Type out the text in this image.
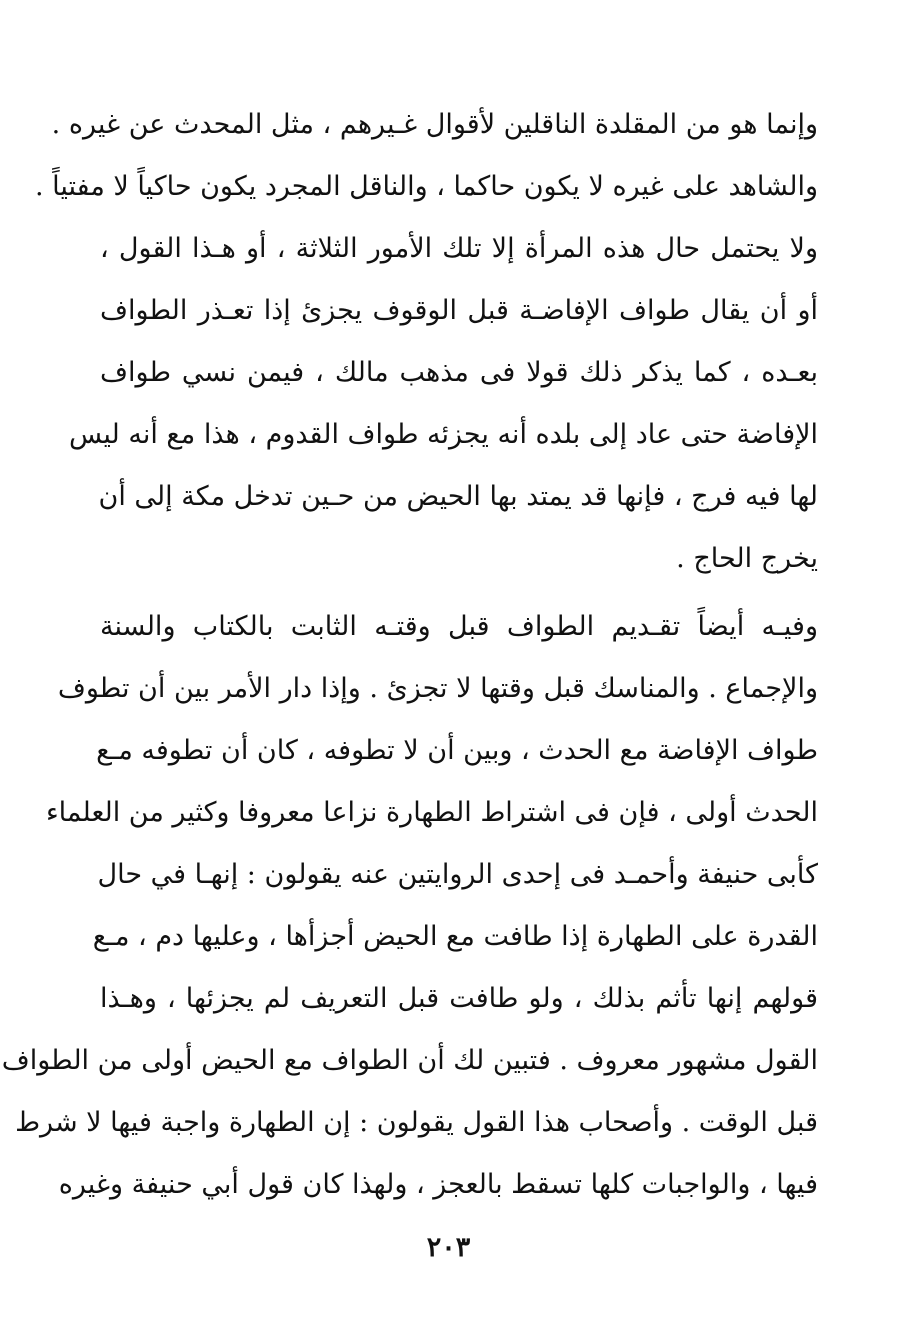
وإنما هو من المقلدة الناقلين لأقوال غـيرهم ، مثل المحدث عن غيره .
والشاهد على غيره لا يكون حاكما ، والناقل المجرد يكون حاكياً لا مفتياً .
ولا يحتمل حال هذه المرأة إلا تلك الأمور الثلاثة ، أو هـذا القول ،
أو أن يقال طواف الإفاضـة قبل الوقوف يجزئ إذا تعـذر الطواف
بعـده ، كما يذكر ذلك قولا فى مذهب مالك ، فيمن نسي طواف
الإفاضة حتى عاد إلى بلده أنه يجزئه طواف القدوم ، هذا مع أنه ليس
لها فيه فرج ، فإنها قد يمتد بها الحيض من حـين تدخل مكة إلى أن
يخرج الحاج .
وفيـه أيضاً تقـديم الطواف قبل وقتـه الثابت بالكتاب والسنة
والإجماع . والمناسك قبل وقتها لا تجزئ . وإذا دار الأمر بين أن تطوف
طواف الإفاضة مع الحدث ، وبين أن لا تطوفه ، كان أن تطوفه مـع
الحدث أولى ، فإن فى اشتراط الطهارة نزاعا معروفا وكثير من العلماء
كأبى حنيفة وأحمـد فى إحدى الروايتين عنه يقولون : إنهـا في حال
القدرة على الطهارة إذا طافت مع الحيض أجزأها ، وعليها دم ، مـع
قولهم إنها تأثم بذلك ، ولو طافت قبل التعريف لم يجزئها ، وهـذا
القول مشهور معروف . فتبين لك أن الطواف مع الحيض أولى من الطواف
قبل الوقت . وأصحاب هذا القول يقولون : إن الطهارة واجبة فيها لا شرط
فيها ، والواجبات كلها تسقط بالعجز ، ولهذا كان قول أبي حنيفة وغيره
٢٠٣
